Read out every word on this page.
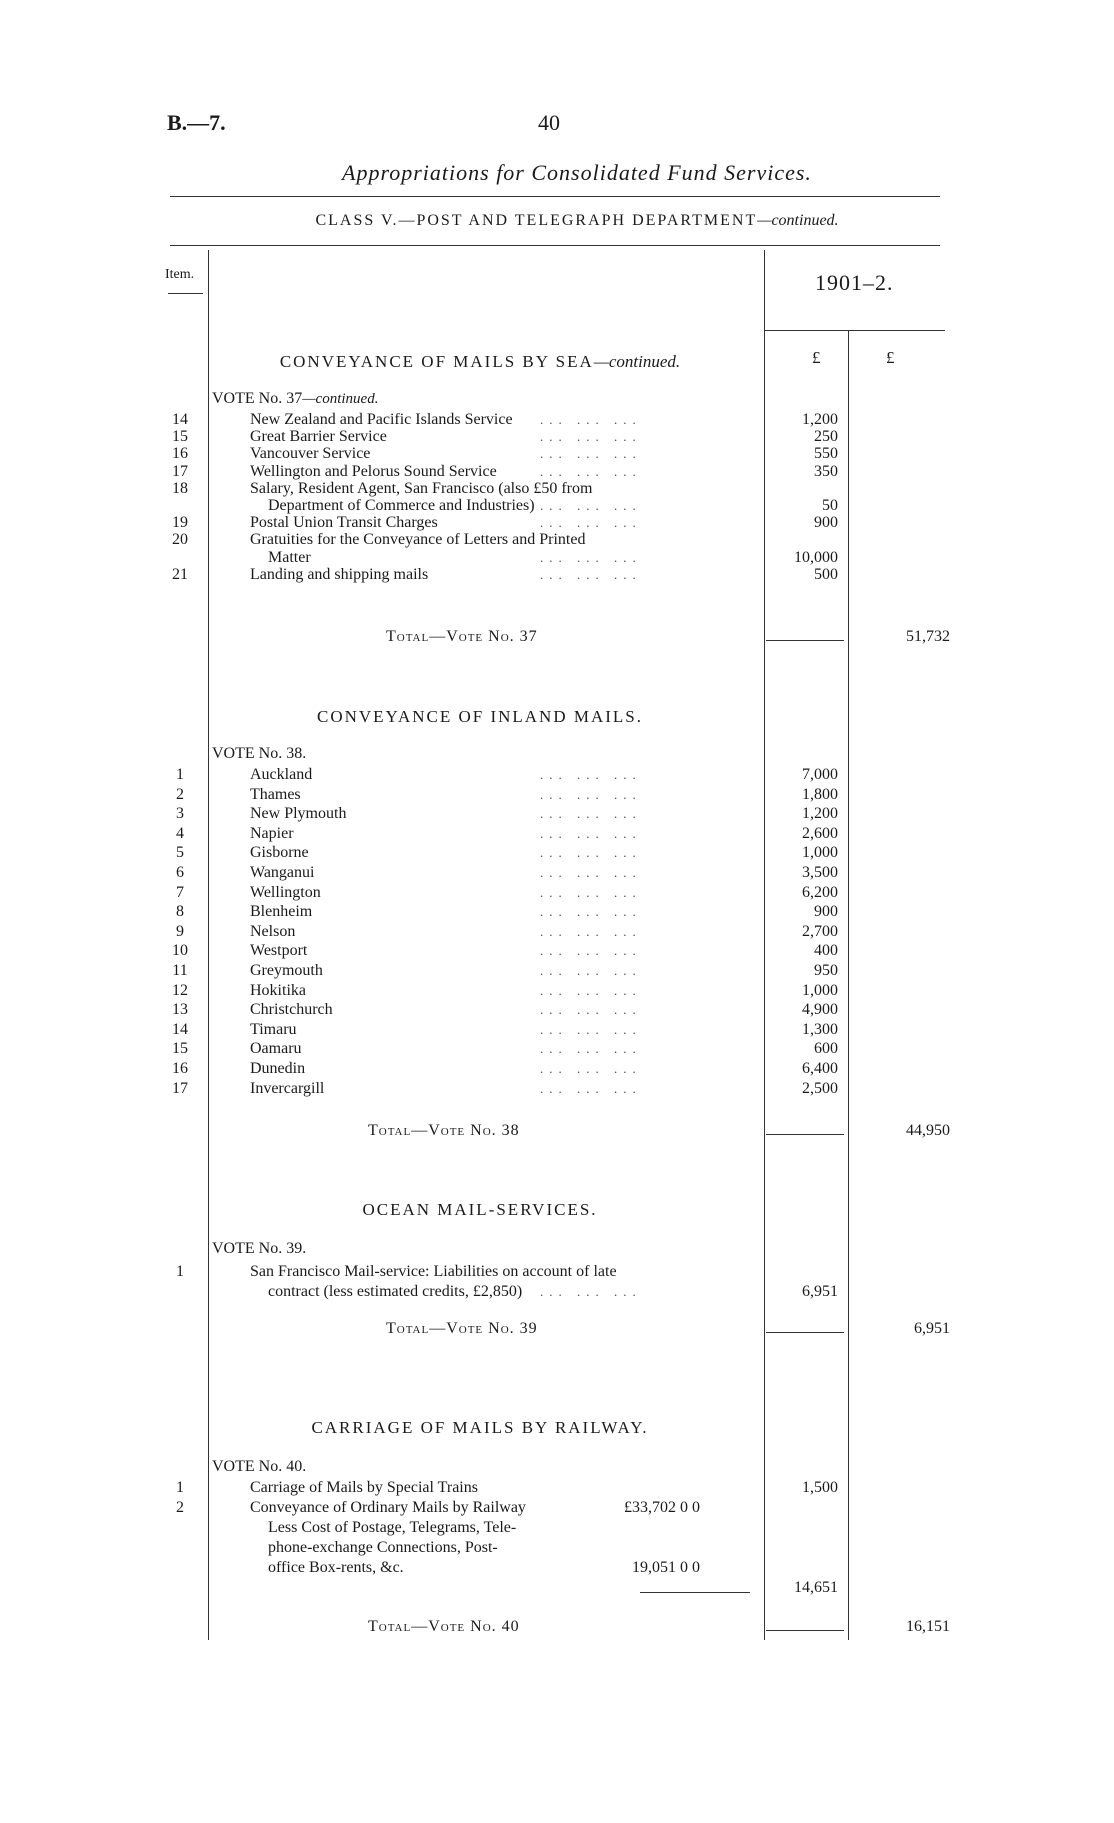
B.—7.	40
Appropriations for Consolidated Fund Services.
CLASS V.—POST AND TELEGRAPH DEPARTMENT—continued.
Item.	1901–2.
£	£
CONVEYANCE OF MAILS BY SEA—continued.
VOTE No. 37—continued.
14	New Zealand and Pacific Islands Service ... ... ...	1,200
15	Great Barrier Service	... ... ...	250
16	Vancouver Service	... ... ...	550
17	Wellington and Pelorus Sound Service	... ... ...	350
18	Salary, Resident Agent, San Francisco (also £50 from
Department of Commerce and Industries) ... ... ...	50
19	Postal Union Transit Charges	... ... ...	900
20	Gratuities for the Conveyance of Letters and Printed
Matter	... ... ...	10,000
21	Landing and shipping mails	... ... ...	500
Total—Vote No. 37	51,732
CONVEYANCE OF INLAND MAILS.
VOTE No. 38.
1	Auckland	... ... ...	7,000
2	Thames	... ... ...	1,800
3	New Plymouth	... ... ...	1,200
4	Napier	... ... ...	2,600
5	Gisborne	... ... ...	1,000
6	Wanganui	... ... ...	3,500
7	Wellington	... ... ...	6,200
8	Blenheim	... ... ...	900
9	Nelson	... ... ...	2,700
10	Westport	... ... ...	400
11	Greymouth	... ... ...	950
12	Hokitika	... ... ...	1,000
13	Christchurch	... ... ...	4,900
14	Timaru	... ... ...	1,300
15	Oamaru	... ... ...	600
16	Dunedin	... ... ...	6,400
17	Invercargill	... ... ...	2,500
Total—Vote No. 38	44,950
OCEAN MAIL-SERVICES.
VOTE No. 39.
1	San Francisco Mail-service: Liabilities on account of late
contract (less estimated credits, £2,850) ... ... ...	6,951
Total—Vote No. 39	6,951
CARRIAGE OF MAILS BY RAILWAY.
VOTE No. 40.
1	Carriage of Mails by Special Trains	1,500
2	Conveyance of Ordinary Mails by Railway	£33,702 0 0
Less Cost of Postage, Telegrams, Tele-
phone-exchange Connections, Post-
office Box-rents, &c.	19,051 0 0
14,651
Total—Vote No. 40	16,151
